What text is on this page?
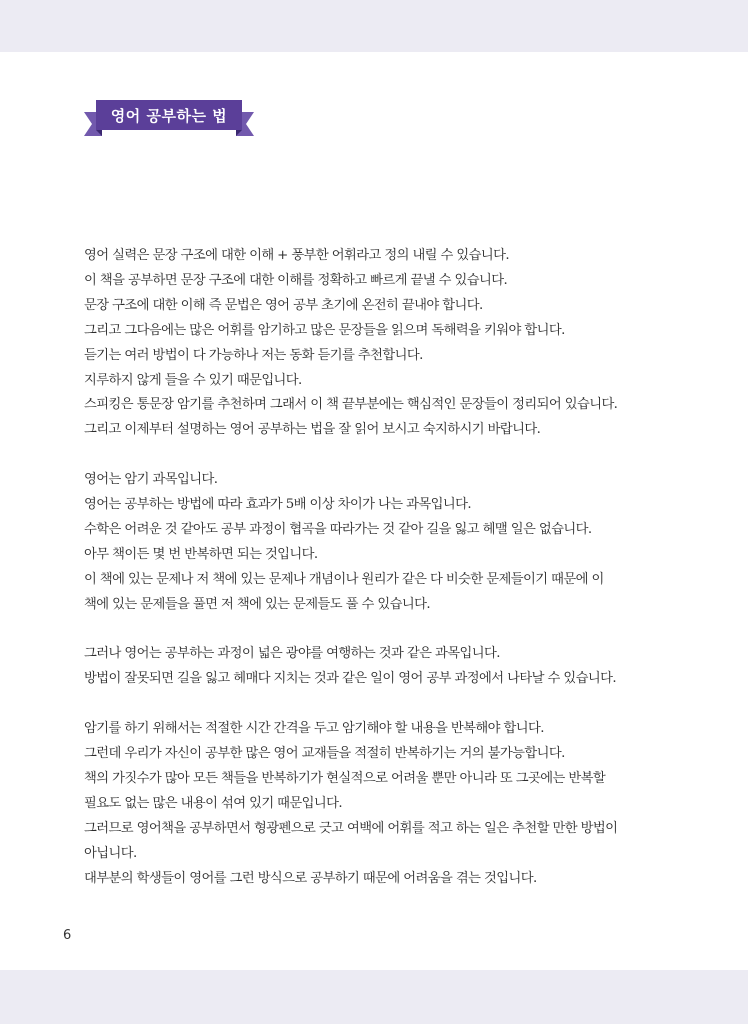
영어 공부하는 법
영어 실력은 문장 구조에 대한 이해 + 풍부한 어휘라고 정의 내릴 수 있습니다.
이 책을 공부하면 문장 구조에 대한 이해를 정확하고 빠르게 끝낼 수 있습니다.
문장 구조에 대한 이해 즉 문법은 영어 공부 초기에 온전히 끝내야 합니다.
그리고 그다음에는 많은 어휘를 암기하고 많은 문장들을 읽으며 독해력을 키워야 합니다.
듣기는 여러 방법이 다 가능하나 저는 동화 듣기를 추천합니다.
지루하지 않게 들을 수 있기 때문입니다.
스피킹은 통문장 암기를 추천하며 그래서 이 책 끝부분에는 핵심적인 문장들이 정리되어 있습니다.
그리고 이제부터 설명하는 영어 공부하는 법을 잘 읽어 보시고 숙지하시기 바랍니다.
영어는 암기 과목입니다.
영어는 공부하는 방법에 따라 효과가 5배 이상 차이가 나는 과목입니다.
수학은 어려운 것 같아도 공부 과정이 협곡을 따라가는 것 같아 길을 잃고 헤맬 일은 없습니다.
아무 책이든 몇 번 반복하면 되는 것입니다.
이 책에 있는 문제나 저 책에 있는 문제나 개념이나 원리가 같은 다 비슷한 문제들이기 때문에 이
책에 있는 문제들을 풀면 저 책에 있는 문제들도 풀 수 있습니다.
그러나 영어는 공부하는 과정이 넓은 광야를 여행하는 것과 같은 과목입니다.
방법이 잘못되면 길을 잃고 헤매다 지치는 것과 같은 일이 영어 공부 과정에서 나타날 수 있습니다.
암기를 하기 위해서는 적절한 시간 간격을 두고 암기해야 할 내용을 반복해야 합니다.
그런데 우리가 자신이 공부한 많은 영어 교재들을 적절히 반복하기는 거의 불가능합니다.
책의 가짓수가 많아 모든 책들을 반복하기가 현실적으로 어려울 뿐만 아니라 또 그곳에는 반복할
필요도 없는 많은 내용이 섞여 있기 때문입니다.
그러므로 영어책을 공부하면서 형광펜으로 긋고 여백에 어휘를 적고 하는 일은 추천할 만한 방법이
아닙니다.
대부분의 학생들이 영어를 그런 방식으로 공부하기 때문에 어려움을 겪는 것입니다.
6
